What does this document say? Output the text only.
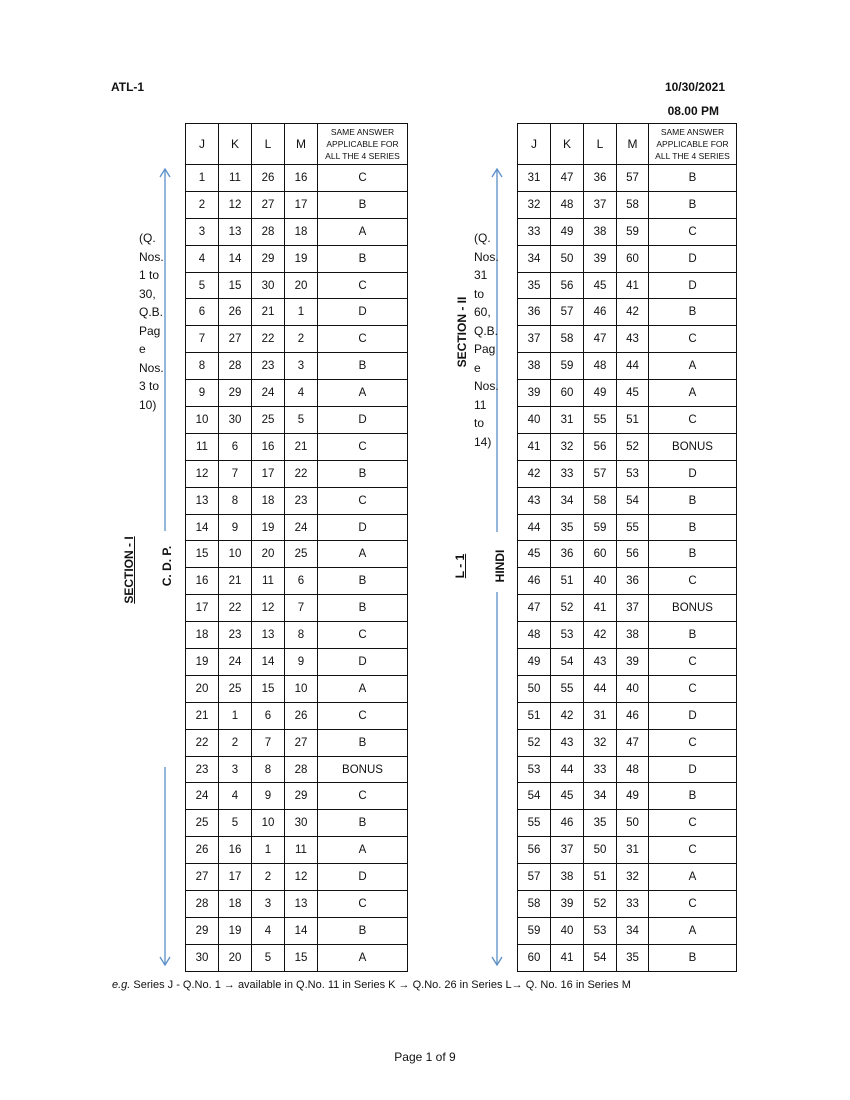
ATL-1	10/30/2021
08.00 PM
J	K	L	M	SAME ANSWER APPLICABLE FOR ALL THE 4 SERIES
1	11	26	16	C
2	12	27	17	B
3	13	28	18	A
4	14	29	19	B
5	15	30	20	C
6	26	21	1	D
7	27	22	2	C
8	28	23	3	B
9	29	24	4	A
10	30	25	5	D
11	6	16	21	C
12	7	17	22	B
13	8	18	23	C
14	9	19	24	D
15	10	20	25	A
16	21	11	6	B
17	22	12	7	B
18	23	13	8	C
19	24	14	9	D
20	25	15	10	A
21	1	6	26	C
22	2	7	27	B
23	3	8	28	BONUS
24	4	9	29	C
25	5	10	30	B
26	16	1	11	A
27	17	2	12	D
28	18	3	13	C
29	19	4	14	B
30	20	5	15	A
J	K	L	M	SAME ANSWER APPLICABLE FOR ALL THE 4 SERIES
31	47	36	57	B
32	48	37	58	B
33	49	38	59	C
34	50	39	60	D
35	56	45	41	D
36	57	46	42	B
37	58	47	43	C
38	59	48	44	A
39	60	49	45	A
40	31	55	51	C
41	32	56	52	BONUS
42	33	57	53	D
43	34	58	54	B
44	35	59	55	B
45	36	60	56	B
46	51	40	36	C
47	52	41	37	BONUS
48	53	42	38	B
49	54	43	39	C
50	55	44	40	C
51	42	31	46	D
52	43	32	47	C
53	44	33	48	D
54	45	34	49	B
55	46	35	50	C
56	37	50	31	C
57	38	51	32	A
58	39	52	33	C
59	40	53	34	A
60	41	54	35	B
(Q.
Nos.
1 to
30,
Q.B.
Pag
e
Nos.
3 to
10)
SECTION - I C. D. P.
(Q.
Nos.
31
to
60,
Q.B.
Pag
e
Nos.
11
to
14)
SECTION - II
L - 1 HINDI
e.g. Series J - Q.No. 1 → available in Q.No. 11 in Series K → Q.No. 26 in Series L→ Q. No. 16 in Series M
Page 1 of 9
